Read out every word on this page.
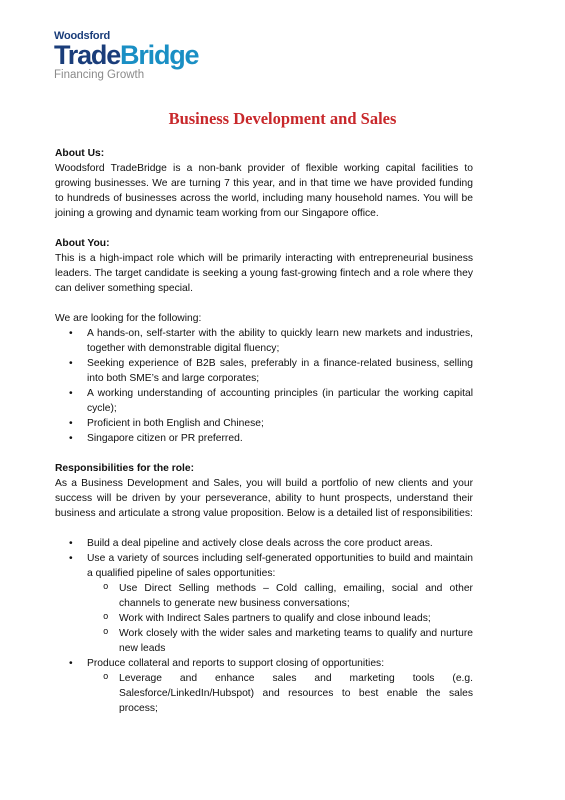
Woodsford
TradeBridge
Financing Growth
Business Development and Sales

About Us:

Woodsford TradeBridge is a non-bank provider of flexible working capital facilities to growing businesses. We are turning 7 this year, and in that time we have provided funding to hundreds of businesses across the world, including many household names. You will be joining a growing and dynamic team working from our Singapore office.

About You:

This is a high-impact role which will be primarily interacting with entrepreneurial business leaders. The target candidate is seeking a young fast-growing fintech and a role where they can deliver something special.

We are looking for the following:

• A hands-on, self-starter with the ability to quickly learn new markets and industries, together with demonstrable digital fluency;
• Seeking experience of B2B sales, preferably in a finance-related business, selling into both SME’s and large corporates;
• A working understanding of accounting principles (in particular the working capital cycle);
• Proficient in both English and Chinese;
• Singapore citizen or PR preferred.

Responsibilities for the role:

As a Business Development and Sales, you will build a portfolio of new clients and your success will be driven by your perseverance, ability to hunt prospects, understand their business and articulate a strong value proposition. Below is a detailed list of responsibilities:

• Build a deal pipeline and actively close deals across the core product areas.
• Use a variety of sources including self-generated opportunities to build and maintain a qualified pipeline of sales opportunities:
o Use Direct Selling methods – Cold calling, emailing, social and other channels to generate new business conversations;
o Work with Indirect Sales partners to qualify and close inbound leads;
o Work closely with the wider sales and marketing teams to qualify and nurture new leads
• Produce collateral and reports to support closing of opportunities:
o Leverage and enhance sales and marketing tools (e.g. Salesforce/LinkedIn/Hubspot) and resources to best enable the sales process;
